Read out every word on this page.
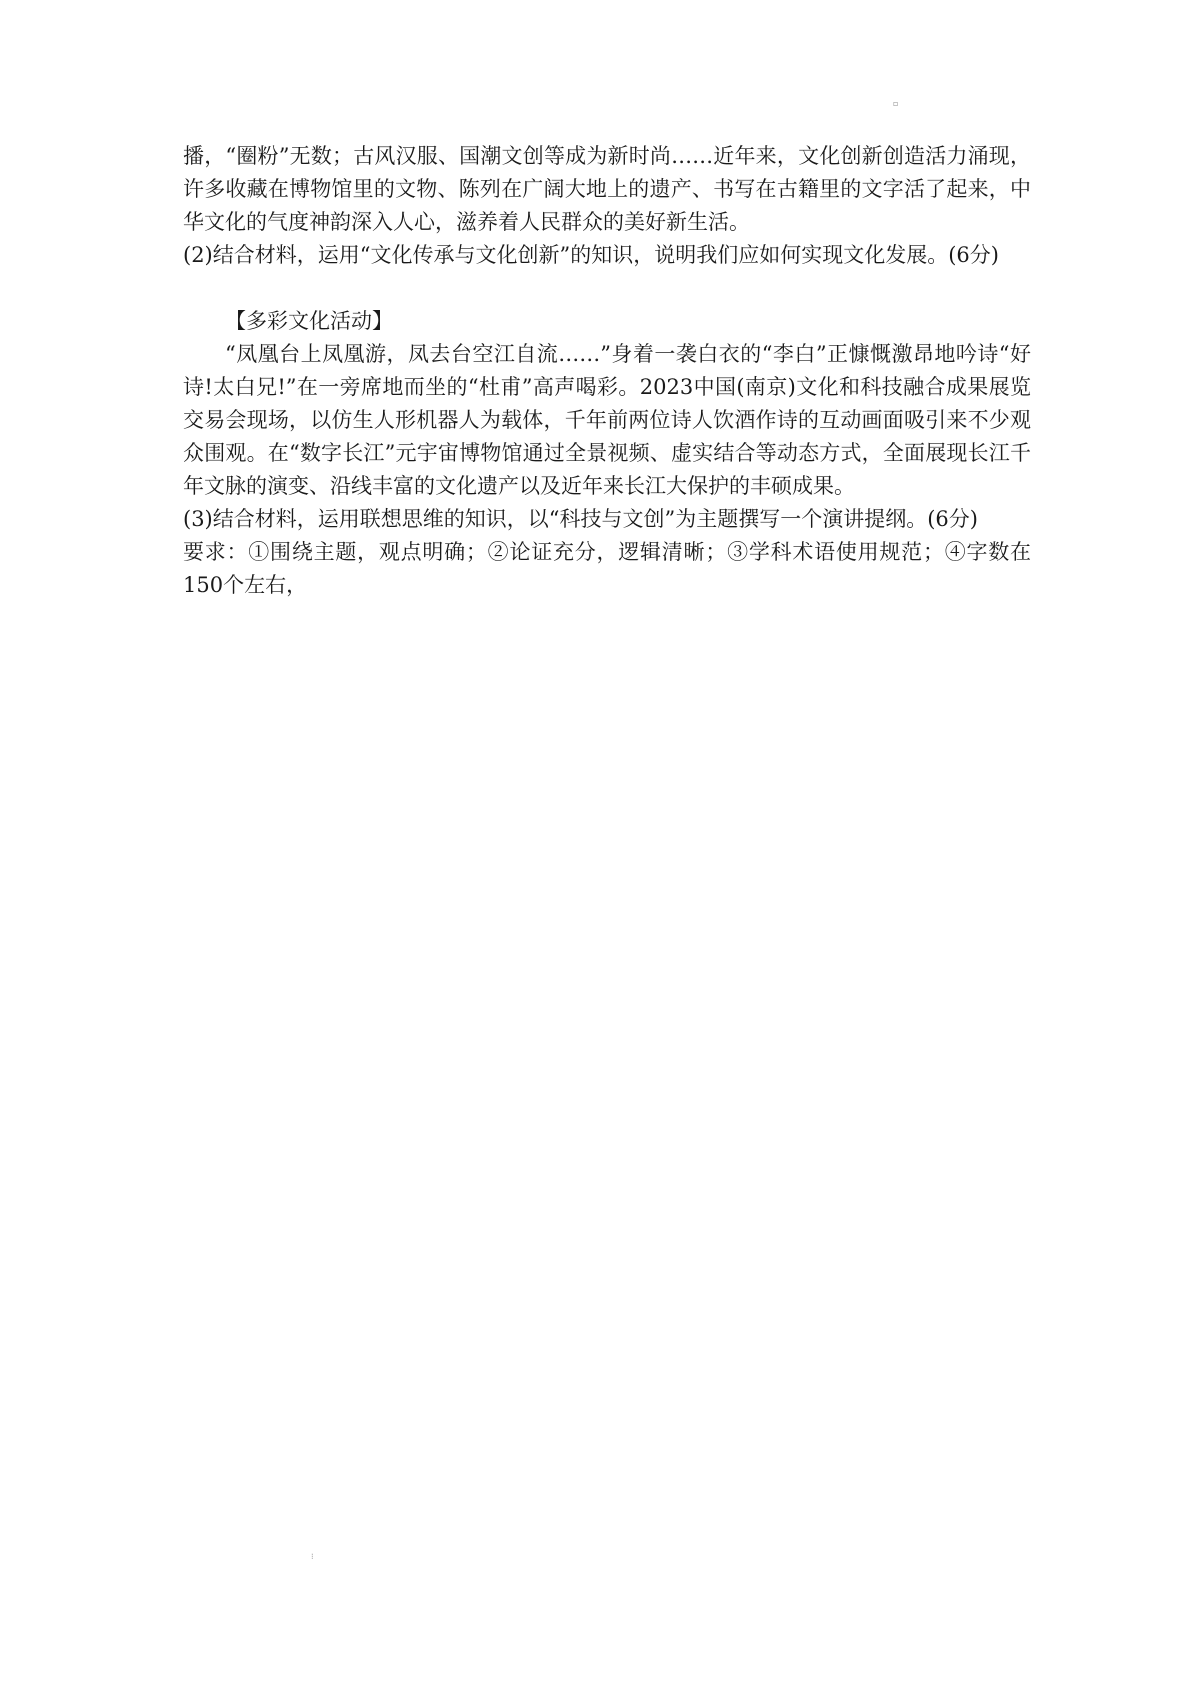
▫

播，“圈粉”无数；古风汉服、国潮文创等成为新时尚……近年来，文化创新创造活力涌现，许多收藏在博物馆里的文物、陈列在广阔大地上的遗产、书写在古籍里的文字活了起来，中华文化的气度神韵深入人心，滋养着人民群众的美好新生活。

(2)结合材料，运用“文化传承与文化创新”的知识，说明我们应如何实现文化发展。(6分)

【多彩文化活动】

“凤凰台上凤凰游，凤去台空江自流……”身着一袭白衣的“李白”正慷慨激昂地吟诗“好诗!太白兄!”在一旁席地而坐的“杜甫”高声喝彩。2023中国(南京)文化和科技融合成果展览交易会现场，以仿生人形机器人为载体，千年前两位诗人饮酒作诗的互动画面吸引来不少观众围观。在“数字长江”元宇宙博物馆通过全景视频、虚实结合等动态方式，全面展现长江千年文脉的演变、沿线丰富的文化遗产以及近年来长江大保护的丰硕成果。

(3)结合材料，运用联想思维的知识，以“科技与文创”为主题撰写一个演讲提纲。(6分)

要求：①围绕主题，观点明确；②论证充分，逻辑清晰；③学科术语使用规范；④字数在150个左右，

⁝
